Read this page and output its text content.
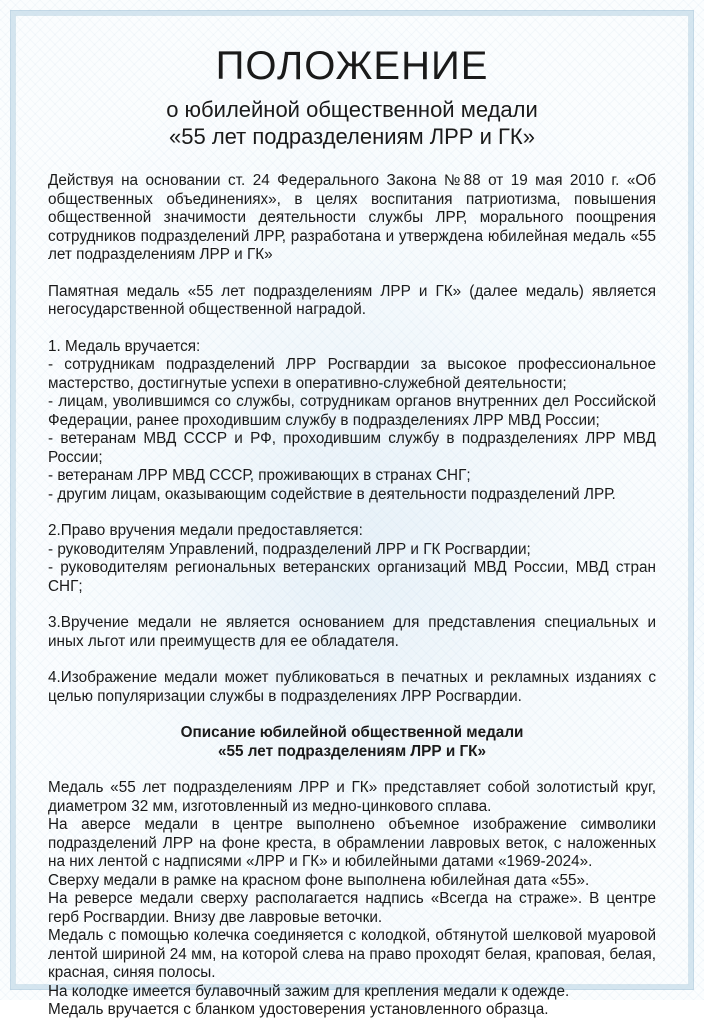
ПОЛОЖЕНИЕ

о юбилейной общественной медали
«55 лет подразделениям ЛРР и ГК»

Действуя на основании ст. 24 Федерального Закона №88 от 19 мая 2010 г. «Об общественных объединениях», в целях воспитания патриотизма, повышения общественной значимости деятельности службы ЛРР, морального поощрения сотрудников подразделений ЛРР, разработана и утверждена юбилейная медаль «55 лет подразделениям ЛРР и ГК»

Памятная медаль «55 лет подразделениям ЛРР и ГК» (далее медаль) является негосударственной общественной наградой.

1. Медаль вручается:
- сотрудникам подразделений ЛРР Росгвардии за высокое профессиональное мастерство, достигнутые успехи в оперативно-служебной деятельности;
- лицам, уволившимся со службы, сотрудникам органов внутренних дел Российской Федерации, ранее проходившим службу в подразделениях ЛРР МВД России;
- ветеранам МВД СССР и РФ, проходившим службу в подразделениях ЛРР МВД России;
- ветеранам ЛРР МВД СССР, проживающих в странах СНГ;
- другим лицам, оказывающим содействие в деятельности подразделений ЛРР.
2.Право вручения медали предоставляется:
- руководителям Управлений, подразделений ЛРР и ГК Росгвардии;
- руководителям региональных ветеранских организаций МВД России, МВД стран СНГ;

3.Вручение медали не является основанием для представления специальных и иных льгот или преимуществ для ее обладателя.

4.Изображение медали может публиковаться в печатных и рекламных изданиях с целью популяризации службы в подразделениях ЛРР Росгвардии.

Описание юбилейной общественной медали
«55 лет подразделениям ЛРР и ГК»
Медаль «55 лет подразделениям ЛРР и ГК» представляет собой золотистый круг, диаметром 32 мм, изготовленный из медно-цинкового сплава.
На аверсе медали в центре выполнено объемное изображение символики подразделений ЛРР на фоне креста, в обрамлении лавровых веток, с наложенных на них лентой с надписями «ЛРР и ГК» и юбилейными датами «1969-2024».
Сверху медали в рамке на красном фоне выполнена юбилейная дата «55».
На реверсе медали сверху располагается надпись «Всегда на страже». В центре герб Росгвардии. Внизу две лавровые веточки.
Медаль с помощью колечка соединяется с колодкой, обтянутой шелковой муаровой лентой шириной 24 мм, на которой слева на право проходят белая, краповая, белая, красная, синяя полосы.
На колодке имеется булавочный зажим для крепления медали к одежде.
Медаль вручается с бланком удостоверения установленного образца.
